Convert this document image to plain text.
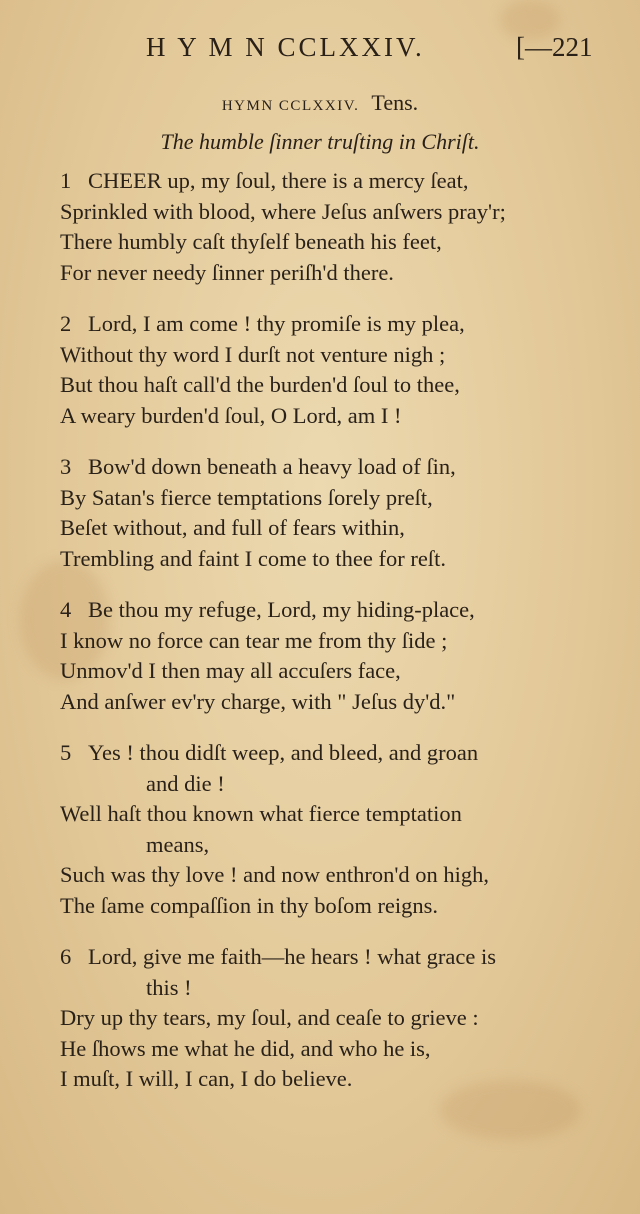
H Y M N CCLXXIV.	[—221
HYMN CCLXXIV. Tens.
The humble ſinner truſting in Chriſt.

1 CHEER up, my ſoul, there is a mercy ſeat,

Sprinkled with blood, where Jeſus anſwers pray'r;

There humbly caſt thyſelf beneath his feet,

For never needy ſinner periſh'd there.

2 Lord, I am come ! thy promiſe is my plea,

Without thy word I durſt not venture nigh ;

But thou haſt call'd the burden'd ſoul to thee,

A weary burden'd ſoul, O Lord, am I !

3 Bow'd down beneath a heavy load of ſin,

By Satan's fierce temptations ſorely preſt,

Beſet without, and full of fears within,

Trembling and faint I come to thee for reſt.

4 Be thou my refuge, Lord, my hiding-place,

I know no force can tear me from thy ſide ;

Unmov'd I then may all accuſers face,

And anſwer ev'ry charge, with " Jeſus dy'd."

5 Yes ! thou didſt weep, and bleed, and groan

and die !

Well haſt thou known what fierce temptation

means,

Such was thy love ! and now enthron'd on high,

The ſame compaſſion in thy boſom reigns.

6 Lord, give me faith—he hears ! what grace is

this !

Dry up thy tears, my ſoul, and ceaſe to grieve :

He ſhows me what he did, and who he is,

I muſt, I will, I can, I do believe.
